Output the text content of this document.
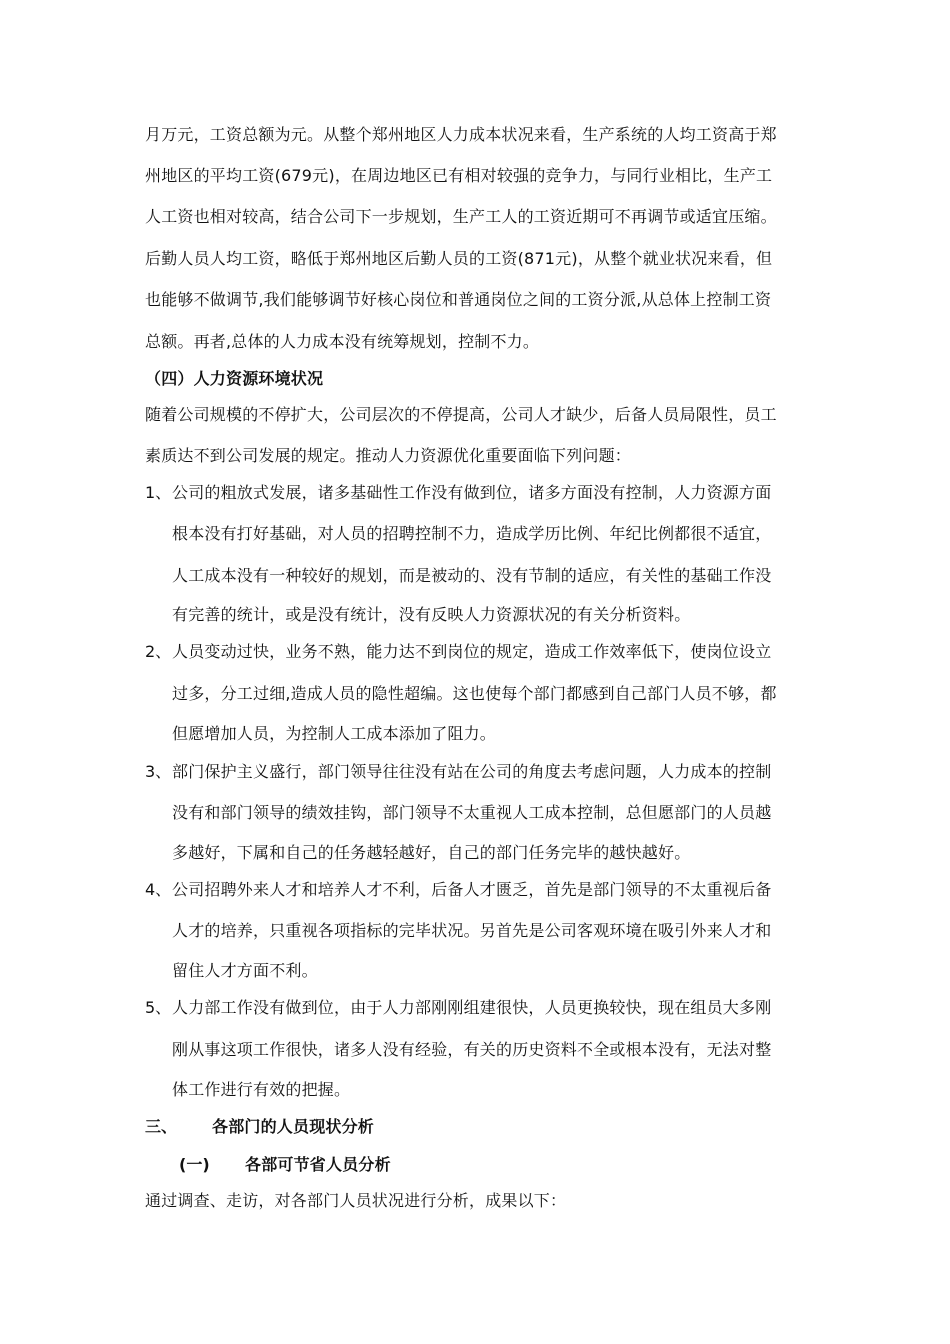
月万元，工资总额为元。从整个郑州地区人力成本状况来看，生产系统的人均工资高于郑
州地区的平均工资(679元)，在周边地区已有相对较强的竞争力，与同行业相比，生产工
人工资也相对较高，结合公司下一步规划，生产工人的工资近期可不再调节或适宜压缩。
后勤人员人均工资，略低于郑州地区后勤人员的工资(871元)，从整个就业状况来看，但
也能够不做调节,我们能够调节好核心岗位和普通岗位之间的工资分派,从总体上控制工资
总额。再者,总体的人力成本没有统筹规划，控制不力。
（四）人力资源环境状况
随着公司规模的不停扩大，公司层次的不停提高，公司人才缺少，后备人员局限性，员工
素质达不到公司发展的规定。推动人力资源优化重要面临下列问题：
1、 公司的粗放式发展，诸多基础性工作没有做到位，诸多方面没有控制，人力资源方面
根本没有打好基础，对人员的招聘控制不力，造成学历比例、年纪比例都很不适宜，
人工成本没有一种较好的规划，而是被动的、没有节制的适应，有关性的基础工作没
有完善的统计，或是没有统计，没有反映人力资源状况的有关分析资料。
2、 人员变动过快，业务不熟，能力达不到岗位的规定，造成工作效率低下，使岗位设立
过多，分工过细,造成人员的隐性超编。这也使每个部门都感到自己部门人员不够，都
但愿增加人员，为控制人工成本添加了阻力。
3、 部门保护主义盛行，部门领导往往没有站在公司的角度去考虑问题，人力成本的控制
没有和部门领导的绩效挂钩，部门领导不太重视人工成本控制，总但愿部门的人员越
多越好，下属和自己的任务越轻越好，自己的部门任务完毕的越快越好。
4、 公司招聘外来人才和培养人才不利，后备人才匮乏，首先是部门领导的不太重视后备
人才的培养，只重视各项指标的完毕状况。另首先是公司客观环境在吸引外来人才和
留住人才方面不利。
5、 人力部工作没有做到位，由于人力部刚刚组建很快，人员更换较快，现在组员大多刚
刚从事这项工作很快，诸多人没有经验，有关的历史资料不全或根本没有，无法对整
体工作进行有效的把握。
三、 各部门的人员现状分析
(一) 各部可节省人员分析
通过调查、走访，对各部门人员状况进行分析，成果以下：
